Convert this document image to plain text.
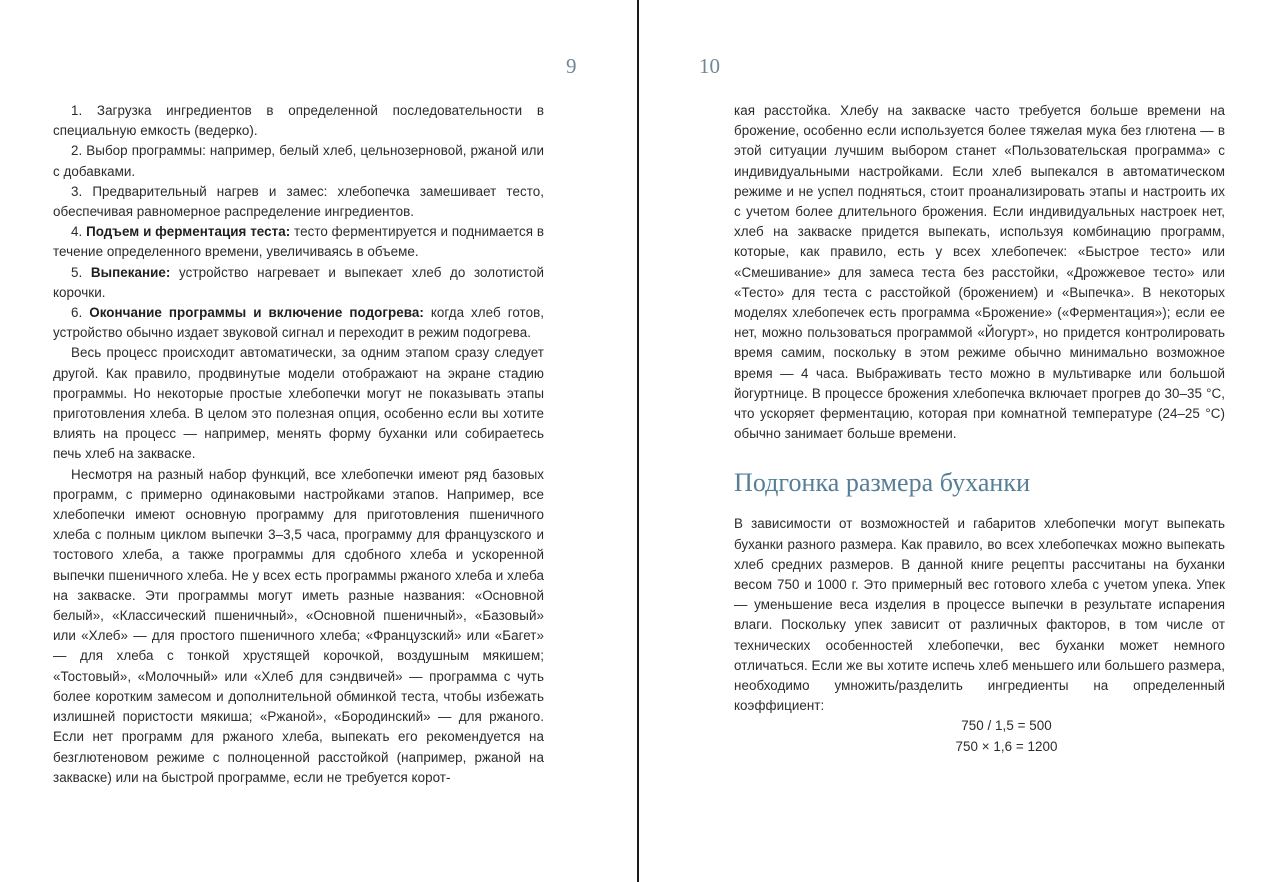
9

1. Загрузка ингредиентов в определенной последовательности в специальную емкость (ведерко).

2. Выбор программы: например, белый хлеб, цельнозерновой, ржаной или с добавками.

3. Предварительный нагрев и замес: хлебопечка замешивает тесто, обеспечивая равномерное распределение ингредиентов.

4. Подъем и ферментация теста: тесто ферментируется и поднимается в течение определенного времени, увеличиваясь в объеме.

5. Выпекание: устройство нагревает и выпекает хлеб до золотистой корочки.

6. Окончание программы и включение подогрева: когда хлеб готов, устройство обычно издает звуковой сигнал и переходит в режим подогрева.

Весь процесс происходит автоматически, за одним этапом сразу следует другой. Как правило, продвинутые модели отображают на экране стадию программы. Но некоторые простые хлебопечки могут не показывать этапы приготовления хлеба. В целом это полезная опция, особенно если вы хотите влиять на процесс — например, менять форму буханки или собираетесь печь хлеб на закваске.

Несмотря на разный набор функций, все хлебопечки имеют ряд базовых программ, с примерно одинаковыми настройками этапов. Например, все хлебопечки имеют основную программу для приготовления пшеничного хлеба с полным циклом выпечки 3–3,5 часа, программу для французского и тостового хлеба, а также программы для сдобного хлеба и ускоренной выпечки пшеничного хлеба. Не у всех есть программы ржаного хлеба и хлеба на закваске. Эти программы могут иметь разные названия: «Основной белый», «Классический пшеничный», «Основной пшеничный», «Базовый» или «Хлеб» — для простого пшеничного хлеба; «Французский» или «Багет» — для хлеба с тонкой хрустящей корочкой, воздушным мякишем; «Тостовый», «Молочный» или «Хлеб для сэндвичей» — программа с чуть более коротким замесом и дополнительной обминкой теста, чтобы избежать излишней пористости мякиша; «Ржаной», «Бородинский» — для ржаного. Если нет программ для ржаного хлеба, выпекать его рекомендуется на безглютеновом режиме с полноценной расстойкой (например, ржаной на закваске) или на быстрой программе, если не требуется корот-

10

кая расстойка. Хлебу на закваске часто требуется больше времени на брожение, особенно если используется более тяжелая мука без глютена — в этой ситуации лучшим выбором станет «Пользовательская программа» с индивидуальными настройками. Если хлеб выпекался в автоматическом режиме и не успел подняться, стоит проанализировать этапы и настроить их с учетом более длительного брожения. Если индивидуальных настроек нет, хлеб на закваске придется выпекать, используя комбинацию программ, которые, как правило, есть у всех хлебопечек: «Быстрое тесто» или «Смешивание» для замеса теста без расстойки, «Дрожжевое тесто» или «Тесто» для теста с расстойкой (брожением) и «Выпечка». В некоторых моделях хлебопечек есть программа «Брожение» («Ферментация»); если ее нет, можно пользоваться программой «Йогурт», но придется контролировать время самим, поскольку в этом режиме обычно минимально возможное время — 4 часа. Выбраживать тесто можно в мультиварке или большой йогуртнице. В процессе брожения хлебопечка включает прогрев до 30–35 °C, что ускоряет ферментацию, которая при комнатной температуре (24–25 °C) обычно занимает больше времени.

Подгонка размера буханки

В зависимости от возможностей и габаритов хлебопечки могут выпекать буханки разного размера. Как правило, во всех хлебопечках можно выпекать хлеб средних размеров. В данной книге рецепты рассчитаны на буханки весом 750 и 1000 г. Это примерный вес готового хлеба с учетом упека. Упек — уменьшение веса изделия в процессе выпечки в результате испарения влаги. Поскольку упек зависит от различных факторов, в том числе от технических особенностей хлебопечки, вес буханки может немного отличаться. Если же вы хотите испечь хлеб меньшего или большего размера, необходимо умножить/разделить ингредиенты на определенный коэффициент:

750 / 1,5 = 500

750 × 1,6 = 1200
